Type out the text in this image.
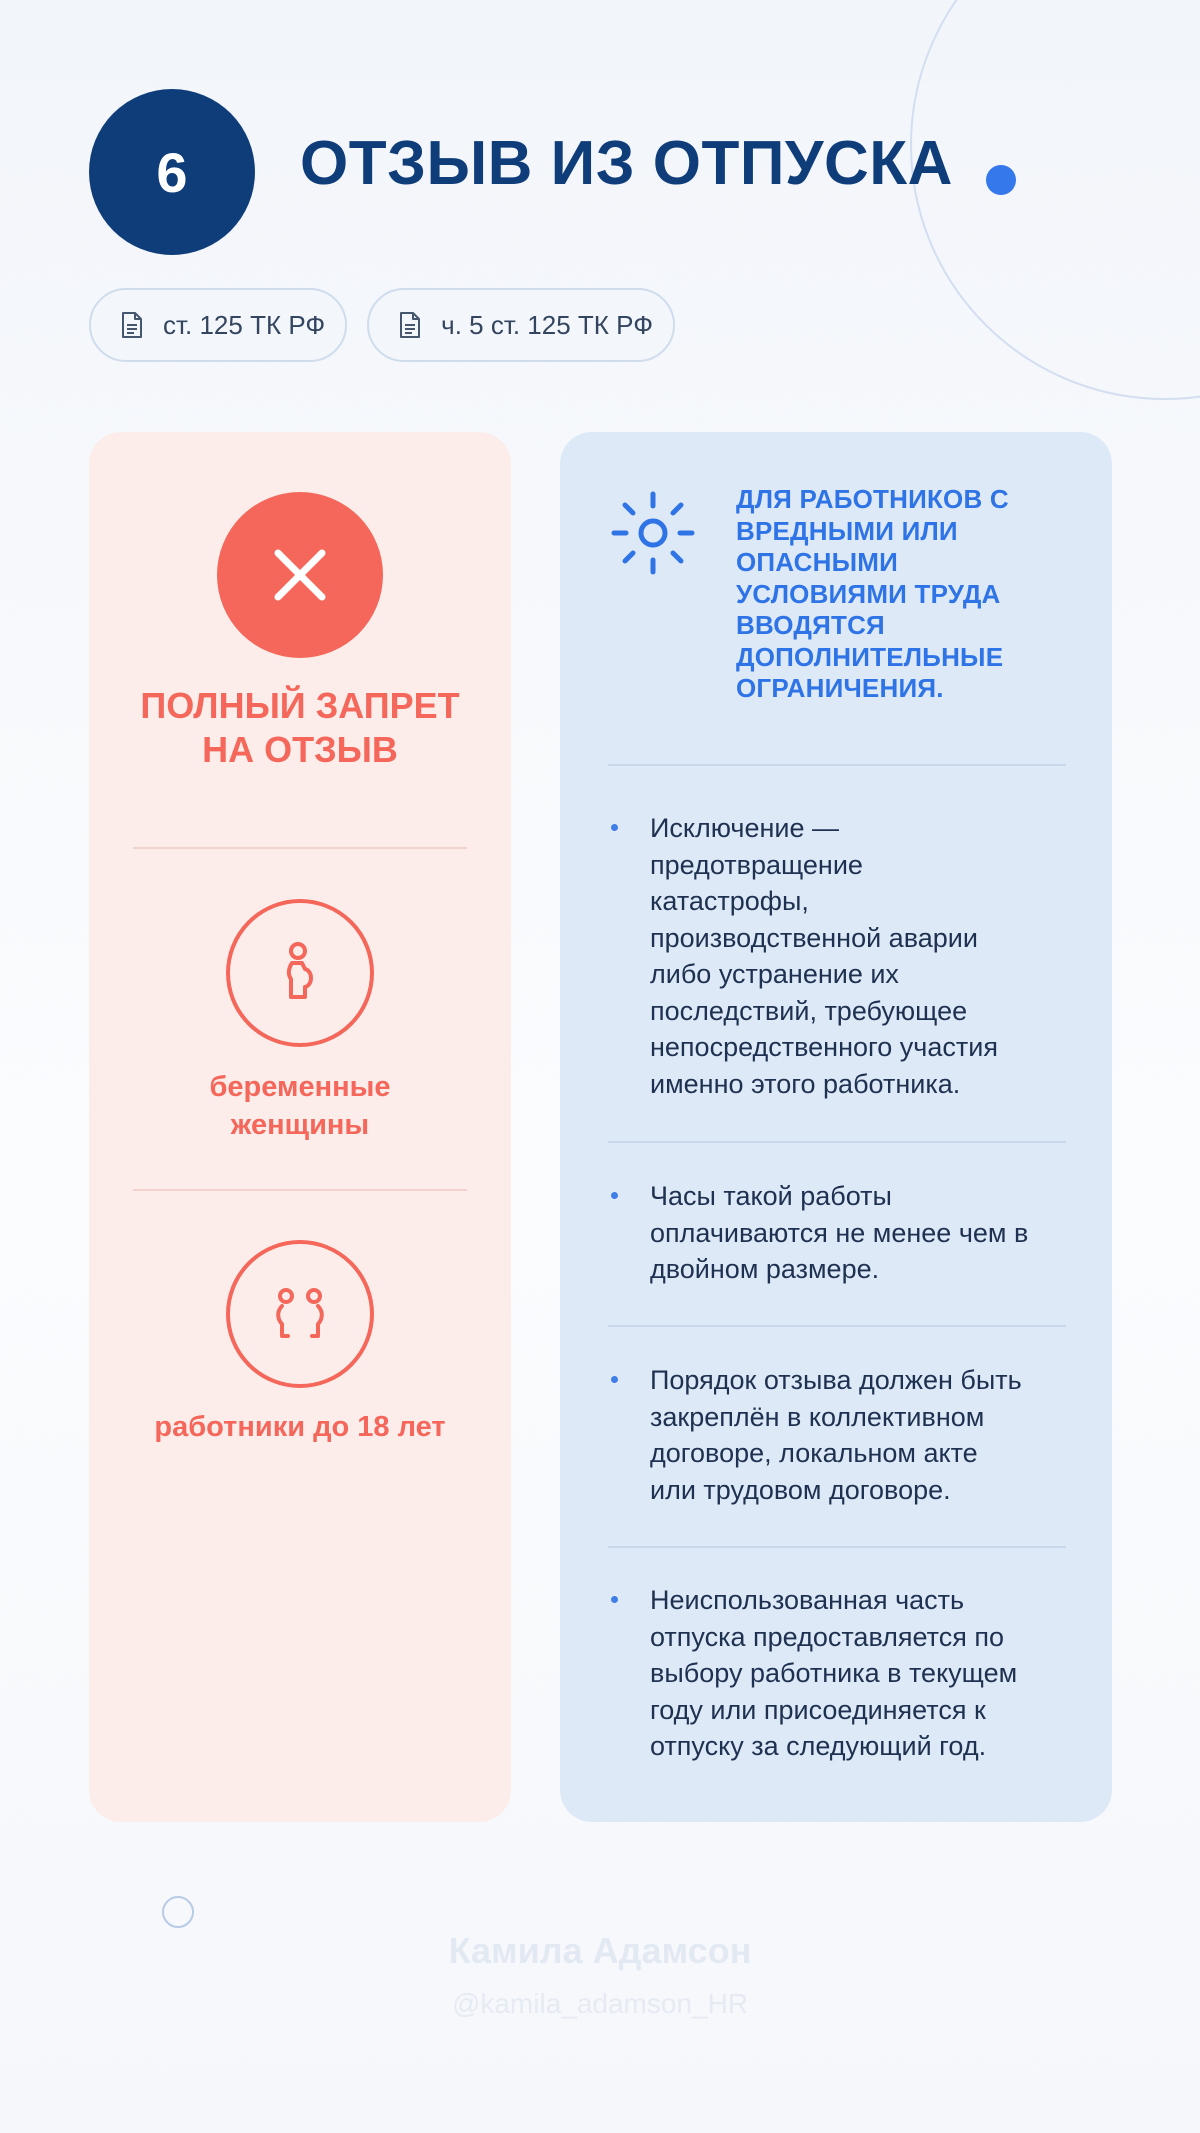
6 ОТЗЫВ ИЗ ОТПУСКА
ст. 125 ТК РФ	ч. 5 ст. 125 ТК РФ
ПОЛНЫЙ ЗАПРЕТ
НА ОТЗЫВ
беременные
женщины
работники до 18 лет
ДЛЯ РАБОТНИКОВ С
ВРЕДНЫМИ ИЛИ
ОПАСНЫМИ
УСЛОВИЯМИ ТРУДА
ВВОДЯТСЯ
ДОПОЛНИТЕЛЬНЫЕ
ОГРАНИЧЕНИЯ.
Исключение —
предотвращение
катастрофы,
производственной аварии
либо устранение их
последствий, требующее
непосредственного участия
именно этого работника.
Часы такой работы
оплачиваются не менее чем в
двойном размере.
Порядок отзыва должен быть
закреплён в коллективном
договоре, локальном акте
или трудовом договоре.
Неиспользованная часть
отпуска предоставляется по
выбору работника в текущем
году или присоединяется к
отпуску за следующий год.
Камила Адамсон
@kamila_adamson_HR
